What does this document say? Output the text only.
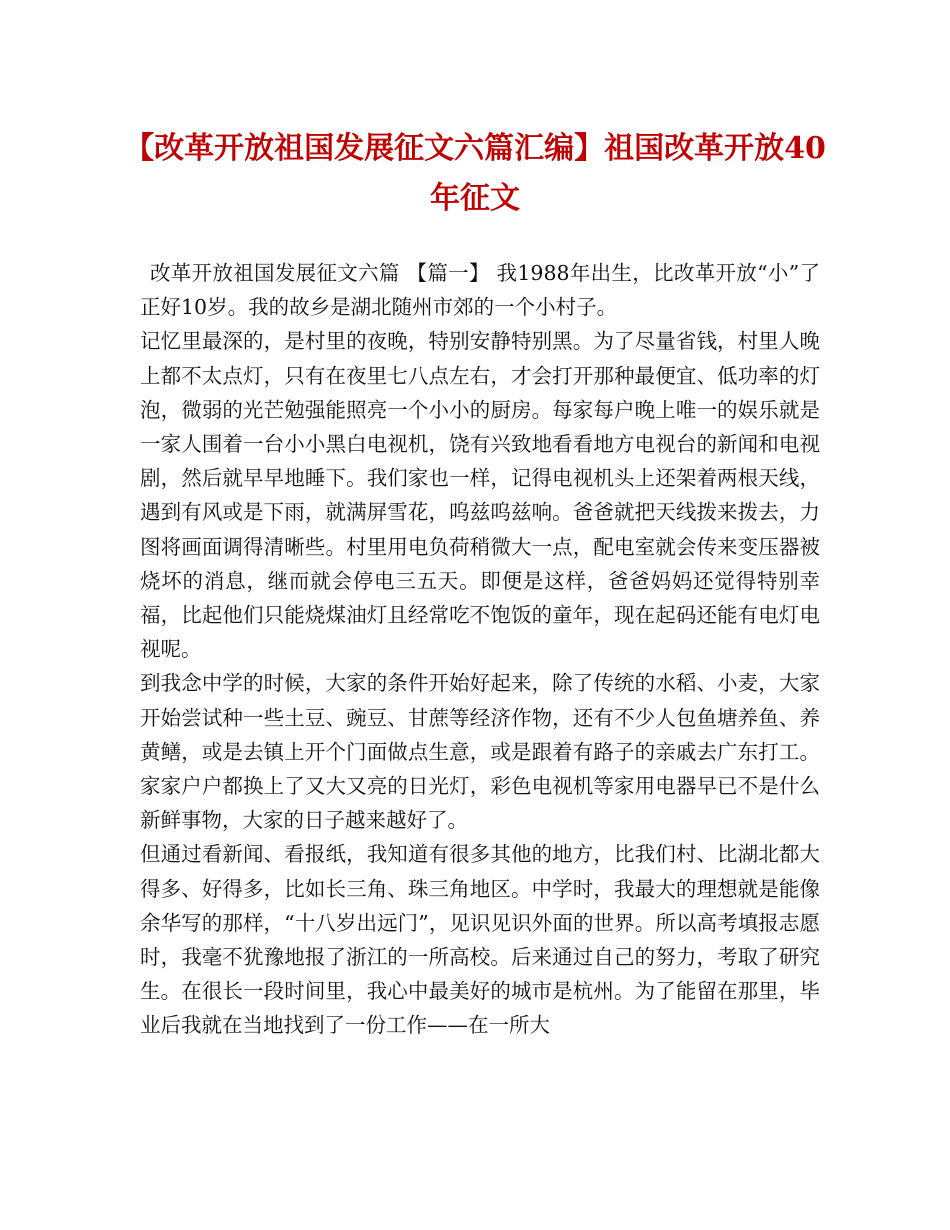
【改革开放祖国发展征文六篇汇编】祖国改革开放40年征文

改革开放祖国发展征文六篇 【篇一】 我1988年出生，比改革开放“小”了正好10岁。我的故乡是湖北随州市郊的一个小村子。

记忆里最深的，是村里的夜晚，特别安静特别黑。为了尽量省钱，村里人晚上都不太点灯，只有在夜里七八点左右，才会打开那种最便宜、低功率的灯泡，微弱的光芒勉强能照亮一个小小的厨房。每家每户晚上唯一的娱乐就是一家人围着一台小小黑白电视机，饶有兴致地看看地方电视台的新闻和电视剧，然后就早早地睡下。我们家也一样，记得电视机头上还架着两根天线，遇到有风或是下雨，就满屏雪花，呜兹呜兹响。爸爸就把天线拨来拨去，力图将画面调得清晰些。村里用电负荷稍微大一点，配电室就会传来变压器被烧坏的消息，继而就会停电三五天。即便是这样，爸爸妈妈还觉得特别幸福，比起他们只能烧煤油灯且经常吃不饱饭的童年，现在起码还能有电灯电视呢。

到我念中学的时候，大家的条件开始好起来，除了传统的水稻、小麦，大家开始尝试种一些土豆、豌豆、甘蔗等经济作物，还有不少人包鱼塘养鱼、养黄鳝，或是去镇上开个门面做点生意，或是跟着有路子的亲戚去广东打工。家家户户都换上了又大又亮的日光灯，彩色电视机等家用电器早已不是什么新鲜事物，大家的日子越来越好了。

但通过看新闻、看报纸，我知道有很多其他的地方，比我们村、比湖北都大得多、好得多，比如长三角、珠三角地区。中学时，我最大的理想就是能像余华写的那样，“十八岁出远门”，见识见识外面的世界。所以高考填报志愿时，我毫不犹豫地报了浙江的一所高校。后来通过自己的努力，考取了研究生。在很长一段时间里，我心中最美好的城市是杭州。为了能留在那里，毕业后我就在当地找到了一份工作——在一所大
